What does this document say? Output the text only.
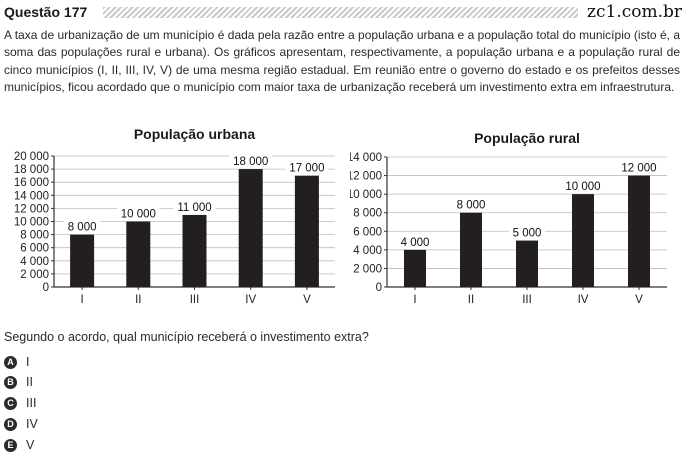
Questão 177	zc1.com.br

A taxa de urbanização de um município é dada pela razão entre a população urbana e a população total do município (isto é, a soma das populações rural e urbana). Os gráficos apresentam, respectivamente, a população urbana e a população rural de cinco municípios (I, II, III, IV, V) de uma mesma região estadual. Em reunião entre o governo do estado e os prefeitos desses municípios, ficou acordado que o município com maior taxa de urbanização receberá um investimento extra em infraestrutura.

População urbana
0
2 000
4 000
6 000
8 000
10 000
12 000
14 000
16 000
18 000
20 000
8 000
I
10 000
II
11 000
III
18 000
IV
17 000
V
População rural
0
2 000
4 000
6 000
8 000
10 000
12 000
14 000
4 000
I
8 000
II
5 000
III
10 000
IV
12 000
V
Segundo o acordo, qual município receberá o investimento extra?
A I
B II
C III
D IV
E V
